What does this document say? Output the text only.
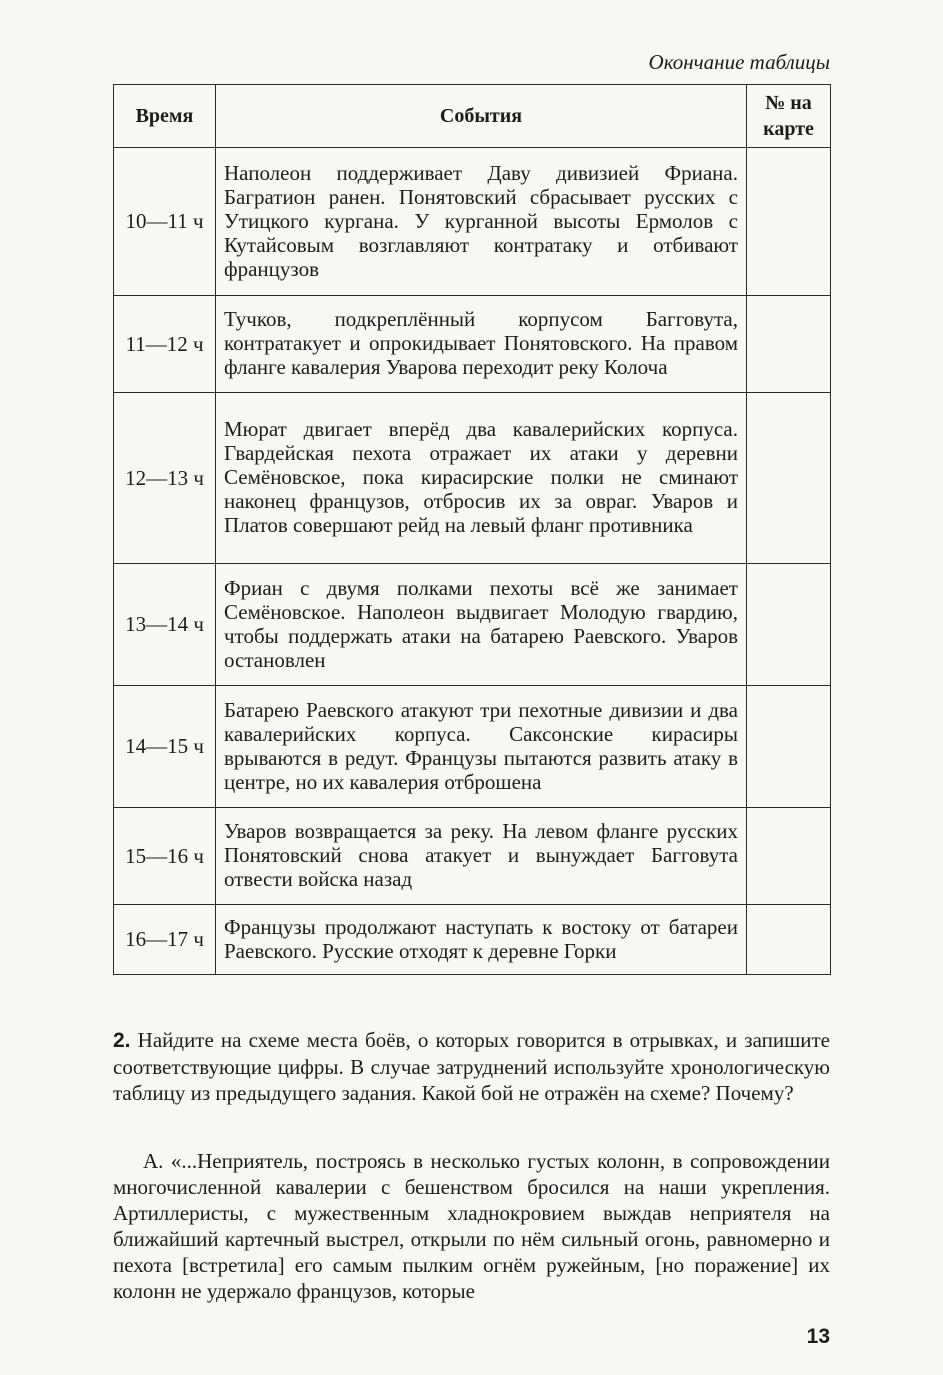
Окончание таблицы
Время	События	№ на карте
10—11 ч	Наполеон поддерживает Даву дивизией Фриана. Багратион ранен. Понятовский сбрасывает русских с Утицкого кургана. У курганной высоты Ермолов с Кутайсовым возглавляют контратаку и отбивают французов	
11—12 ч	Тучков, подкреплённый корпусом Багговута, контратакует и опрокидывает Понятовского. На правом фланге кавалерия Уварова переходит реку Колоча	
12—13 ч	Мюрат двигает вперёд два кавалерийских корпуса. Гвардейская пехота отражает их атаки у деревни Семёновское, пока кирасирские полки не сминают наконец французов, отбросив их за овраг. Уваров и Платов совершают рейд на левый фланг противника	
13—14 ч	Фриан с двумя полками пехоты всё же занимает Семёновское. Наполеон выдвигает Молодую гвардию, чтобы поддержать атаки на батарею Раевского. Уваров остановлен	
14—15 ч	Батарею Раевского атакуют три пехотные дивизии и два кавалерийских корпуса. Саксонские кирасиры врываются в редут. Французы пытаются развить атаку в центре, но их кавалерия отброшена	
15—16 ч	Уваров возвращается за реку. На левом фланге русских Понятовский снова атакует и вынуждает Багговута отвести войска назад	
16—17 ч	Французы продолжают наступать к востоку от батареи Раевского. Русские отходят к деревне Горки	

2. Найдите на схеме места боёв, о которых говорится в отрывках, и запишите соответствующие цифры. В случае затруднений используйте хронологическую таблицу из предыдущего задания. Какой бой не отражён на схеме? Почему?

А. «...Неприятель, построясь в несколько густых колонн, в сопровождении многочисленной кавалерии с бешенством бросился на наши укрепления. Артиллеристы, с мужественным хладнокровием выждав неприятеля на ближайший картечный выстрел, открыли по нём сильный огонь, равномерно и пехота [встретила] его самым пылким огнём ружейным, [но поражение] их колонн не удержало французов, которые

13
